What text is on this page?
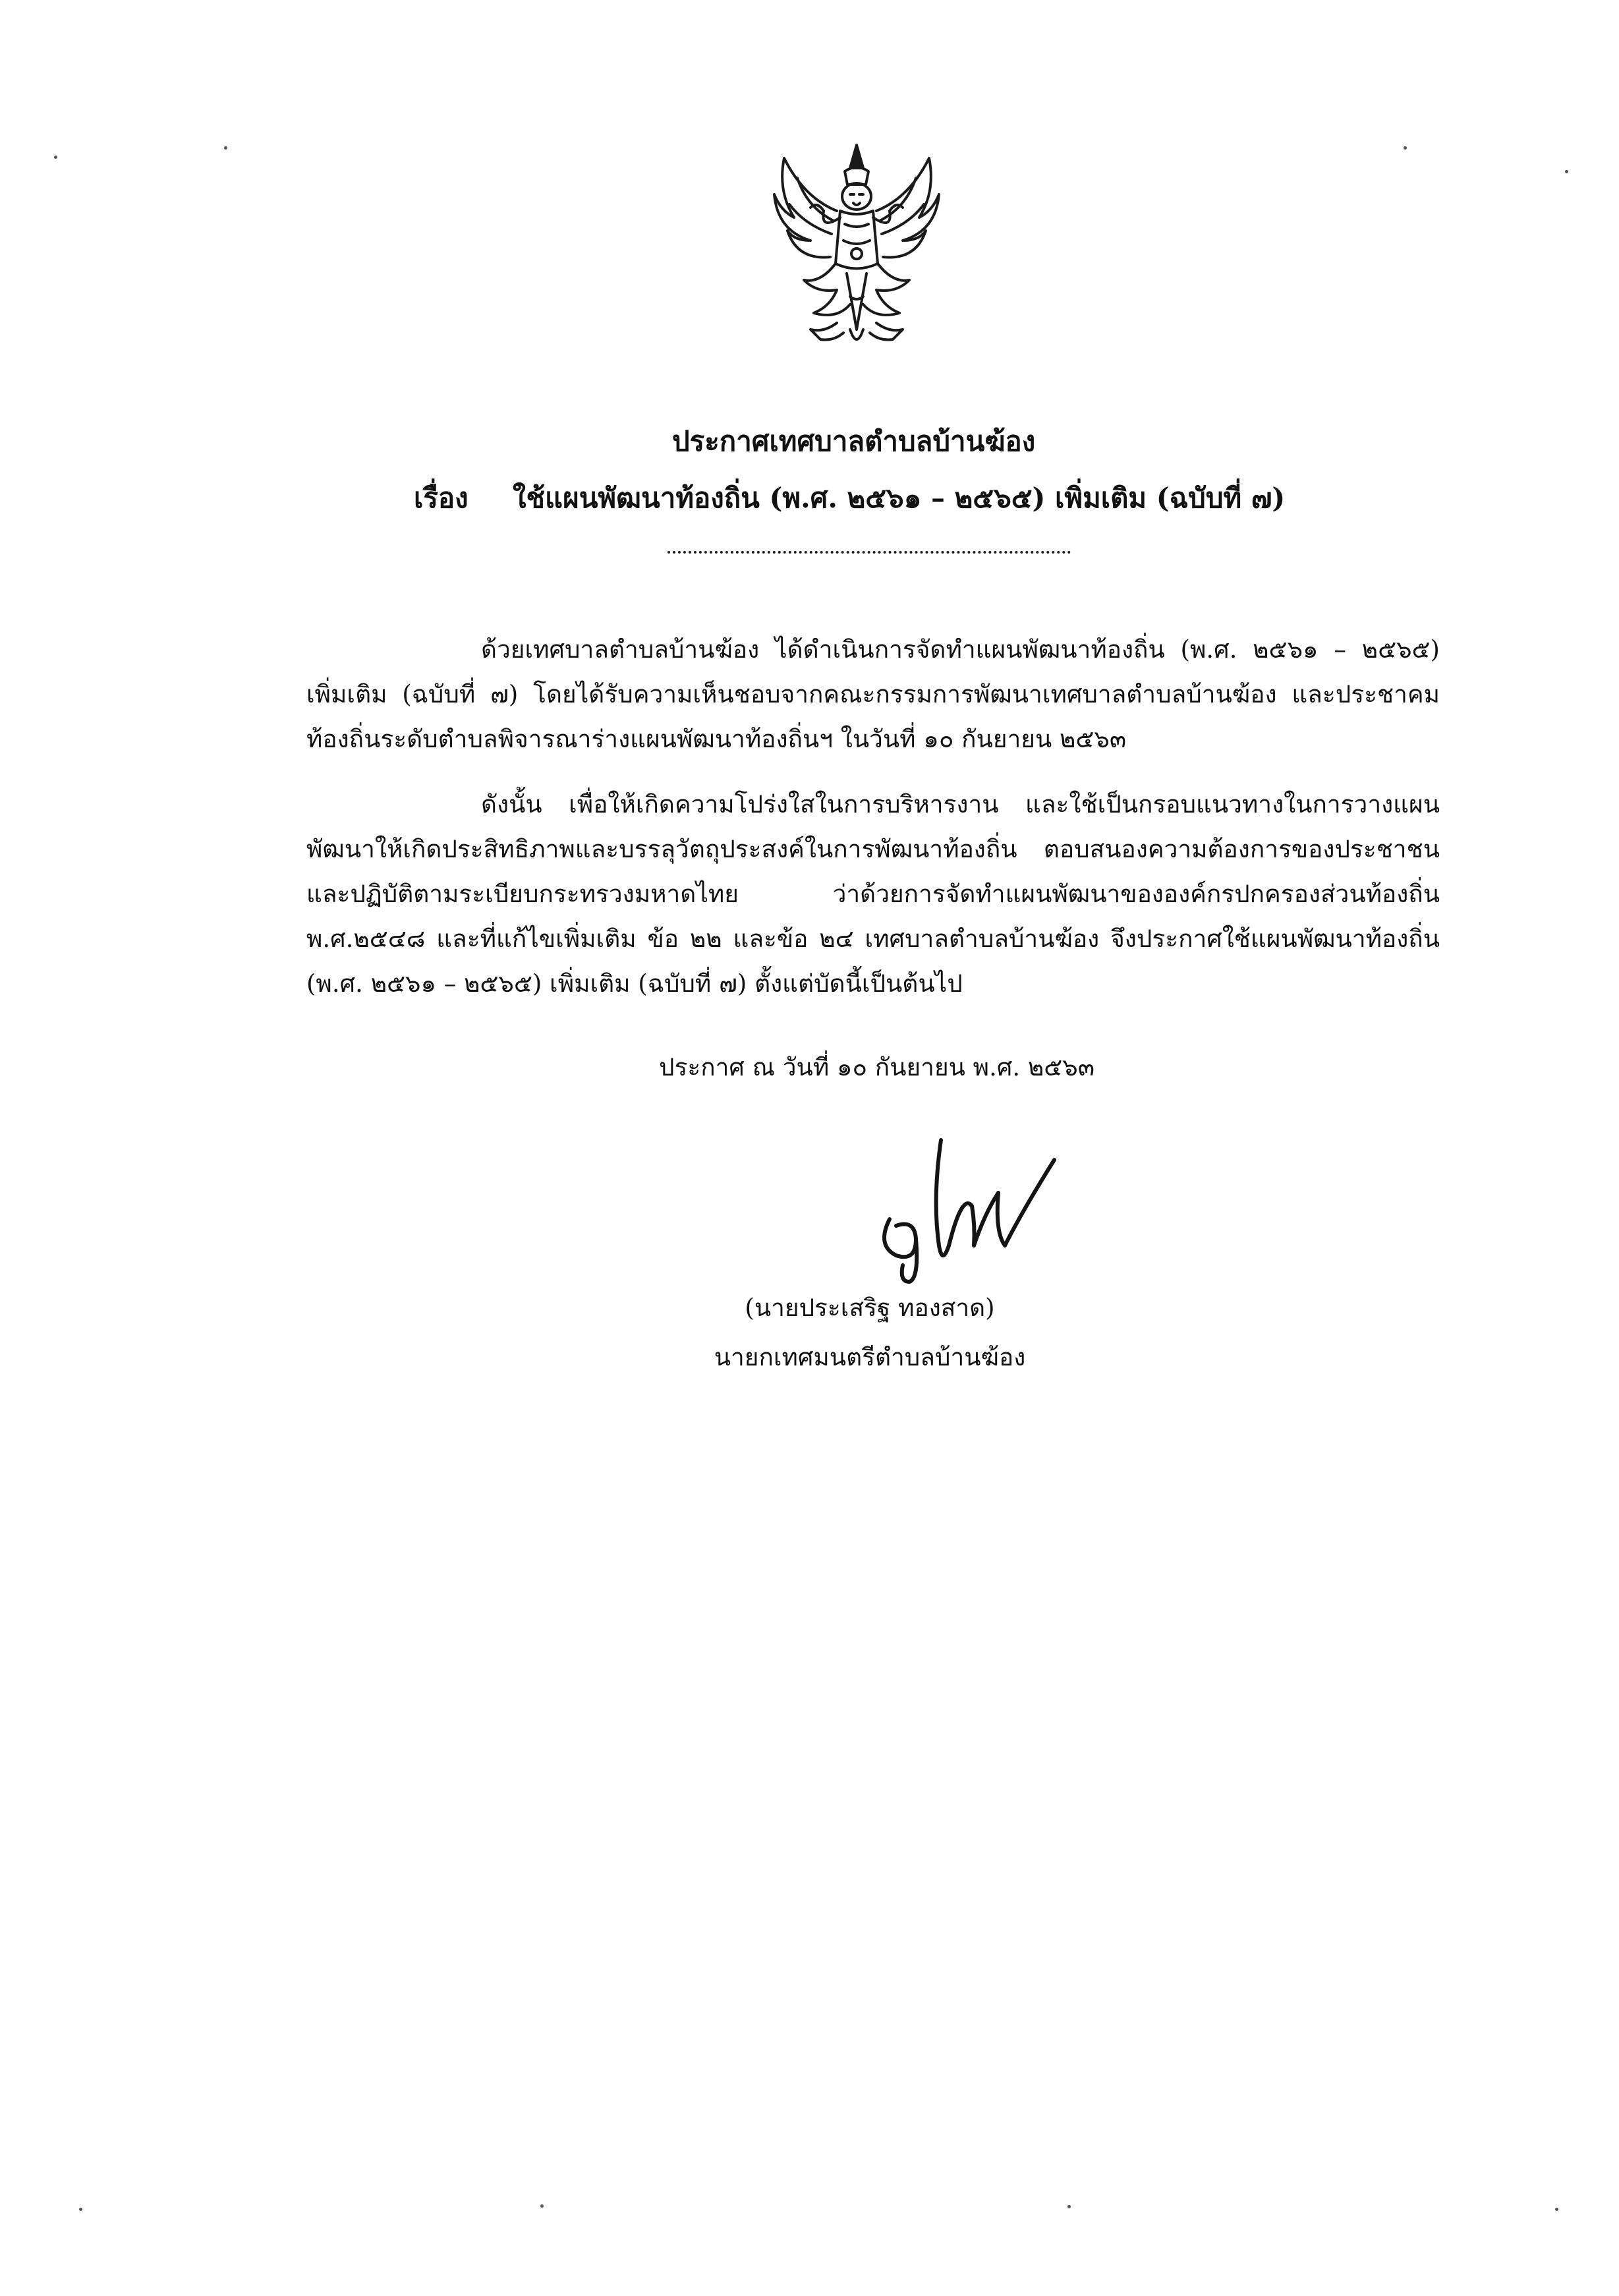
ประกาศเทศบาลตำบลบ้านฆ้อง
เรื่อง ใช้แผนพัฒนาท้องถิ่น (พ.ศ. ๒๕๖๑ – ๒๕๖๕) เพิ่มเติม (ฉบับที่ ๗)

ด้วยเทศบาลตำบลบ้านฆ้อง ได้ดำเนินการจัดทำแผนพัฒนาท้องถิ่น (พ.ศ. ๒๕๖๑ – ๒๕๖๕) เพิ่มเติม (ฉบับที่ ๗) โดยได้รับความเห็นชอบจากคณะกรรมการพัฒนาเทศบาลตำบลบ้านฆ้อง และประชาคมท้องถิ่นระดับตำบลพิจารณาร่างแผนพัฒนาท้องถิ่นฯ ในวันที่ ๑๐ กันยายน ๒๕๖๓

ดังนั้น เพื่อให้เกิดความโปร่งใสในการบริหารงาน และใช้เป็นกรอบแนวทางในการวางแผนพัฒนาให้เกิดประสิทธิภาพและบรรลุวัตถุประสงค์ในการพัฒนาท้องถิ่น ตอบสนองความต้องการของประชาชน และปฏิบัติตามระเบียบกระทรวงมหาดไทย ว่าด้วยการจัดทำแผนพัฒนาขององค์กรปกครองส่วนท้องถิ่น พ.ศ.๒๕๔๘ และที่แก้ไขเพิ่มเติม ข้อ ๒๒ และข้อ ๒๔ เทศบาลตำบลบ้านฆ้อง จึงประกาศใช้แผนพัฒนาท้องถิ่น (พ.ศ. ๒๕๖๑ – ๒๕๖๕) เพิ่มเติม (ฉบับที่ ๗) ตั้งแต่บัดนี้เป็นต้นไป

ประกาศ ณ วันที่ ๑๐ กันยายน พ.ศ. ๒๕๖๓
(นายประเสริฐ ทองสาด)
นายกเทศมนตรีตำบลบ้านฆ้อง
